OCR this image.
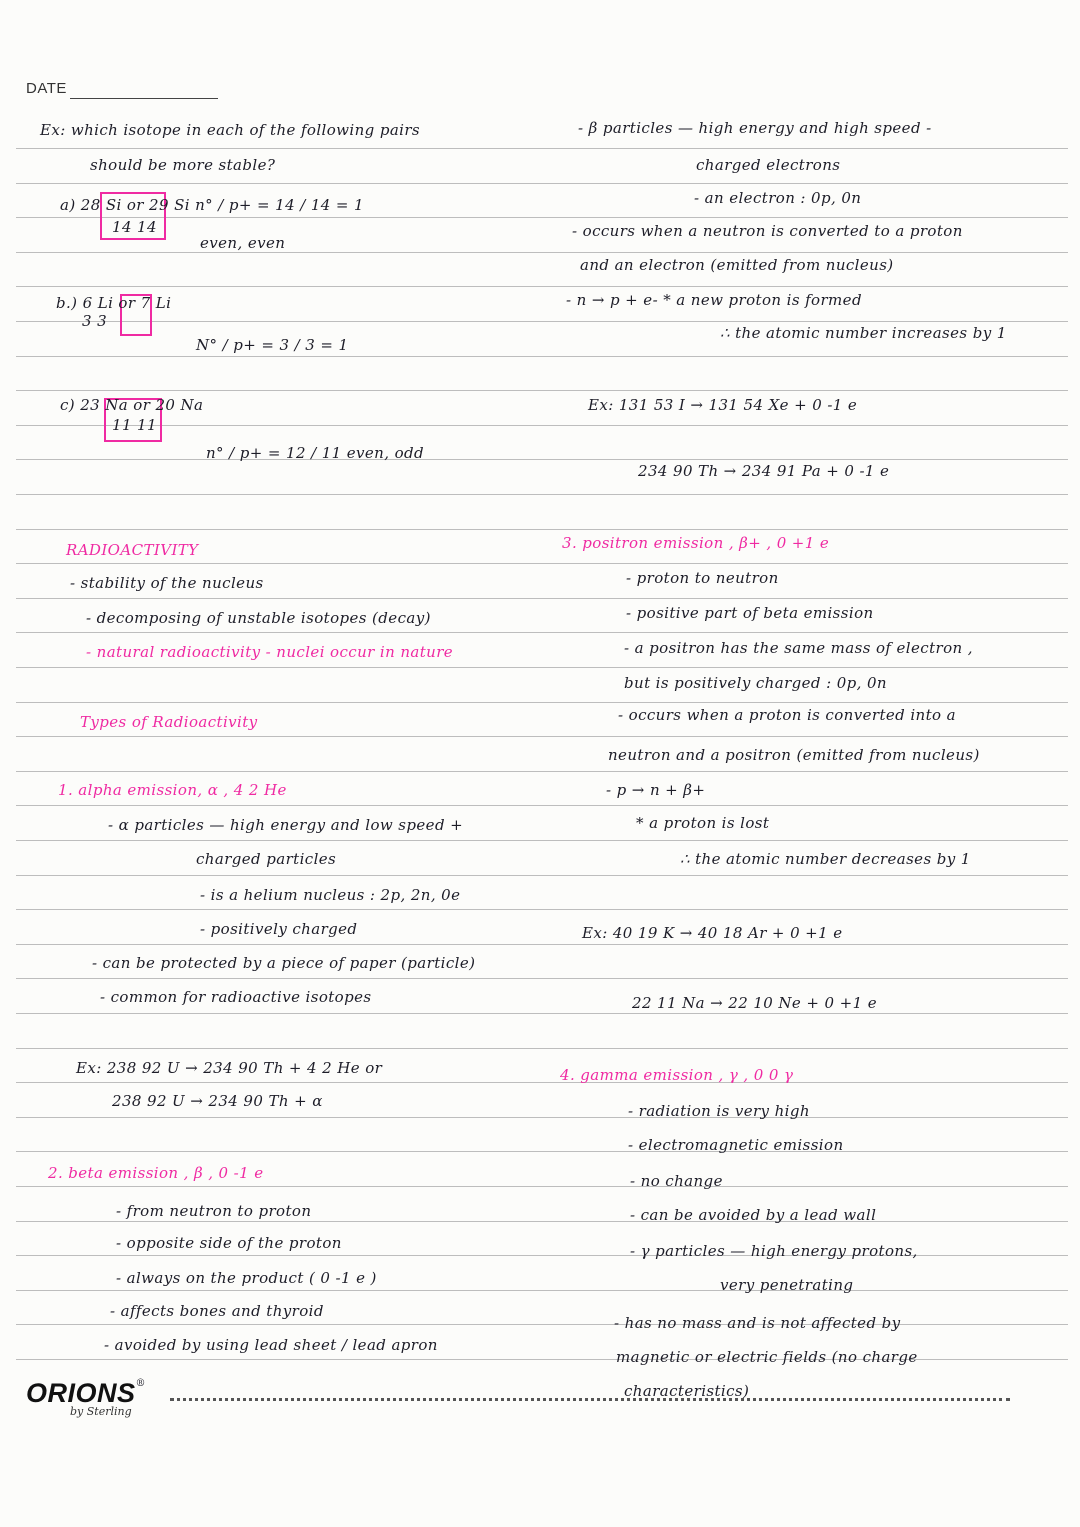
DATE
Ex: which isotope in each of the following pairs
should be more stable?
a) 28 Si or 29 Si n° / p+ = 14 / 14 = 1
14 14
even, even
b.) 6 Li or 7 Li
3 3
N° / p+ = 3 / 3 = 1
c) 23 Na or 20 Na
11 11
n° / p+ = 12 / 11 even, odd
RADIOACTIVITY
- stability of the nucleus
- decomposing of unstable isotopes (decay)
- natural radioactivity - nuclei occur in nature
Types of Radioactivity
1. alpha emission, α , 4 2 He
- α particles — high energy and low speed +
charged particles
- is a helium nucleus : 2p, 2n, 0e
- positively charged
- can be protected by a piece of paper (particle)
- common for radioactive isotopes
Ex: 238 92 U → 234 90 Th + 4 2 He or
238 92 U → 234 90 Th + α
2. beta emission , β , 0 -1 e
- from neutron to proton
- opposite side of the proton
- always on the product ( 0 -1 e )
- affects bones and thyroid
- avoided by using lead sheet / lead apron
- β particles — high energy and high speed -
charged electrons
- an electron : 0p, 0n
- occurs when a neutron is converted to a proton
and an electron (emitted from nucleus)
- n → p + e- * a new proton is formed
∴ the atomic number increases by 1
Ex: 131 53 I → 131 54 Xe + 0 -1 e
234 90 Th → 234 91 Pa + 0 -1 e
3. positron emission , β+ , 0 +1 e
- proton to neutron
- positive part of beta emission
- a positron has the same mass of electron ,
but is positively charged : 0p, 0n
- occurs when a proton is converted into a
neutron and a positron (emitted from nucleus)
- p → n + β+
* a proton is lost
∴ the atomic number decreases by 1
Ex: 40 19 K → 40 18 Ar + 0 +1 e
22 11 Na → 22 10 Ne + 0 +1 e
4. gamma emission , γ , 0 0 γ
- radiation is very high
- electromagnetic emission
- no change
- can be avoided by a lead wall
- γ particles — high energy protons,
very penetrating
- has no mass and is not affected by
magnetic or electric fields (no charge
characteristics)
ORIONS®
by Sterling
